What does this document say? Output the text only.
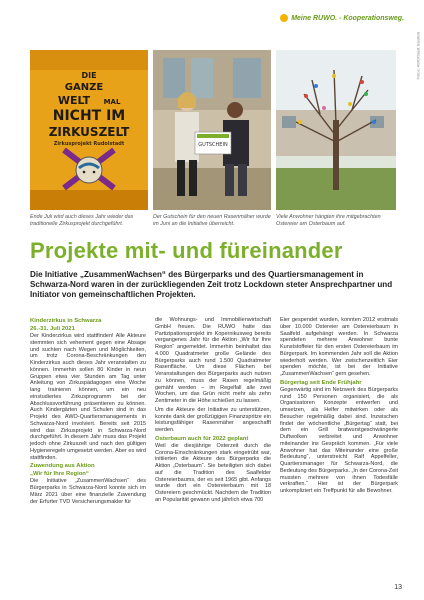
Meine RUWO. - Kooperationsweg.
Fotos: AWO/Stadt Saalfeld
DIE
GANZE
WELT MAL
NICHT IM
ZIRKUSZELT
Zirkusprojekt Rudolstadt	GUTSCHEIN
Ende Juli wird auch dieses Jahr wieder das traditionelle Zirkusprojekt durchgeführt.
Der Gutschein für den neuen Rasenmäher wurde im Juni an die Initiative überreicht.
Viele Anwohner hängten ihre mitgebrachten Ostereier am Osterbaum auf.
Projekte mit- und füreinander
Die Initiative „ZusammenWachsen“ des Bürgerparks und des Quartiersmanagement in Schwarza-Nord waren in der zurückliegenden Zeit trotz Lockdown steter Ansprechpartner und Initiator von gemeinschaftlichen Projekten.
Kinderzirkus in Schwarza
26.-31. Juli 2021

Der Kinderzirkus wird stattfinden! Alle Akteure stemmten sich vehement gegen eine Absage und suchten nach Wegen und Möglichkeiten, um trotz Corona-Beschränkungen den Kinderzirkus auch dieses Jahr veranstalten zu können. Immerhin sollen 80 Kinder in neun Gruppen etwa vier Stunden am Tag unter Anleitung von Zirkuspädagogen eine Woche lang trainieren können, um ein neu einstudiertes Zirkusprogramm bei der Abschlussvorführung präsentieren zu können. Auch Kindergärten und Schulen sind in das Projekt des AWO-Quartiersmanagements in Schwarza-Nord involviert. Bereits seit 2015 wird das Zirkusprojekt in Schwarza-Nord durchgeführt. In diesem Jahr muss das Projekt jedoch ohne Zirkuszelt und nach den gültigen Hygieneregeln umgesetzt werden. Aber es wird stattfinden.

Zuwendung aus Aktion
„Wir für Ihre Region“

Die Initiative „ZusammenWachsen“ des Bürgerparks in Schwarza-Nord konnte sich im März 2021 über eine finanzielle Zuwendung der Erfurter TVD Versicherungsmakler für

die Wohnungs- und Immobilienwirtschaft GmbH freuen. Die RUWO hatte das Partizipationsprojekt im Kopernikusweg bereits vergangenes Jahr für die Aktion „Wir für Ihre Region“ angemeldet. Immerhin beinhaltet das 4.000 Quadratmeter große Gelände des Bürgerparks auch rund 1.500 Quadratmeter Rasenfläche. Um diese Flächen bei Veranstaltungen des Bürgerparks auch nutzen zu können, muss der Rasen regelmäßig gemäht werden – im Regelfall alle zwei Wochen, um das Grün nicht mehr als zehn Zentimeter in die Höhe schießen zu lassen.

Um die Akteure der Initiative zu unterstützen, konnte dank der großzügigen Finanzspritze ein leistungsfähiger Rasenmäher angeschafft werden.

Osterbaum auch für 2022 geplant

Weil die diesjährige Osterzeit durch die Corona-Einschränkungen stark eingetrübt war, initiierten die Akteure des Bürgerparks die Aktion „Osterbaum“. Sie beteiligten sich dabei auf die Tradition des Saalfelder Ostereierbaums, der es seit 1965 gibt. Anfangs wurde dort ein Ostereierbaum mit 18 Ostereiern geschmückt. Nachdem die Tradition an Popularität gewann und jährlich etwa 700

Eier gespendet wurden, konnten 2012 erstmals über 10.000 Ostereier am Ostereierbaum in Saalfeld aufgehängt werden. In Schwarza spendeten mehrere Anwohner bunte Kunststoffeier für den ersten Ostereierbaum im Bürgerpark. Im kommenden Jahr soll die Aktion wiederholt werden. Wer zwischenzeitlich Eier spenden möchte, ist bei der Initiative „ZusammenWachsen“ gern gesehen.

Bürgertag seit Ende Frühjahr

Gegenwärtig sind im Netzwerk des Bürgerparks rund 150 Personen organisiert, die als Organisatoren Konzepte entwerfen und umsetzen, als Helfer mitwirken oder als Besucher regelmäßig dabei sind. Inzwischen findet der wöchentliche „Bürgertag“ statt, bei dem ein Grill bratwurstgeschwängerte Duftwolken verbreitet und Anwohner miteinander ins Gespräch kommen. „Für viele Anwohner hat das Miteinander eine große Bedeutung“, unterstreicht Ralf Appelfeller, Quartiersmanager für Schwarza-Nord, die Bedeutung des Bürgerparks. „In der Corona-Zeit mussten mehrere von ihnen Todesfälle verkraften.“ Hier ist der Bürgerpark unkompliziert ein Treffpunkt für alle Bewohner.

13
